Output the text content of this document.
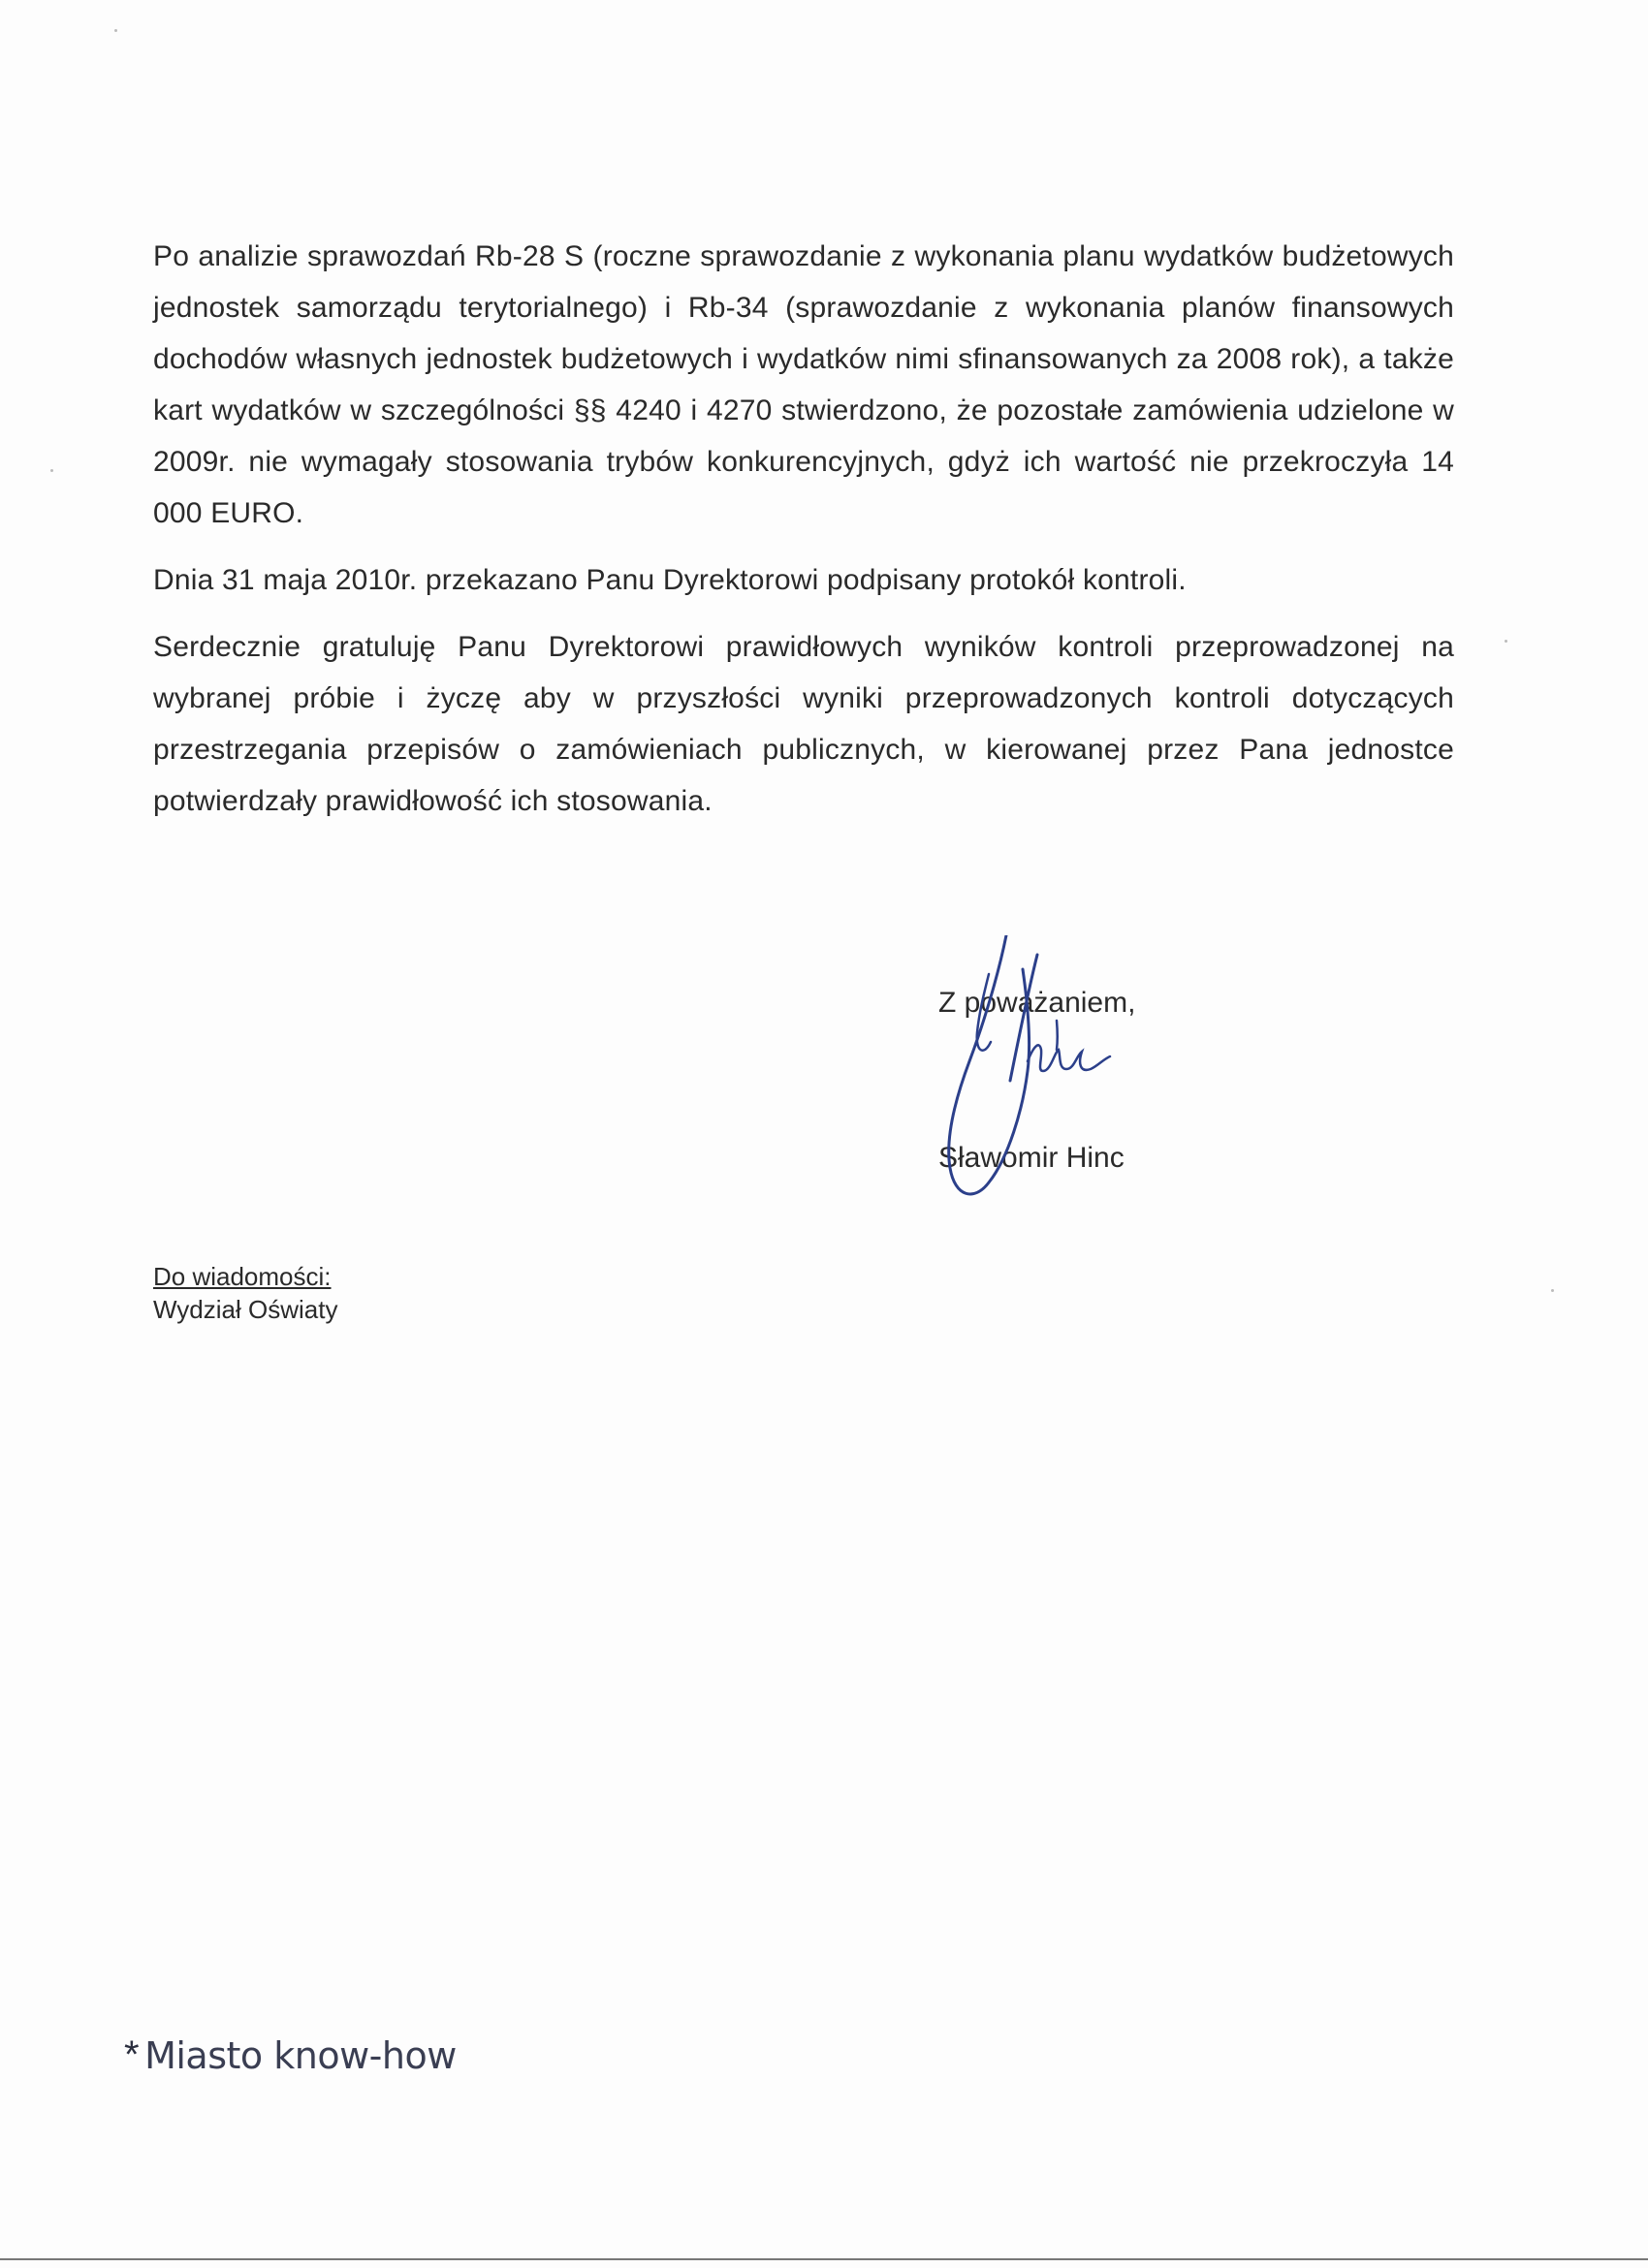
Po analizie sprawozdań Rb-28 S (roczne sprawozdanie z wykonania planu wydatków budżetowych jednostek samorządu terytorialnego) i Rb-34 (sprawozdanie z wykonania planów finansowych dochodów własnych jednostek budżetowych i wydatków nimi sfinansowanych za 2008 rok), a także kart wydatków w szczególności §§ 4240 i 4270 stwierdzono, że pozostałe zamówienia udzielone w 2009r. nie wymagały stosowania trybów konkurencyjnych, gdyż ich wartość nie przekroczyła 14 000 EURO.

Dnia 31 maja 2010r. przekazano Panu Dyrektorowi podpisany protokół kontroli.

Serdecznie gratuluję Panu Dyrektorowi prawidłowych wyników kontroli przeprowadzonej na wybranej próbie i życzę aby w przyszłości wyniki przeprowadzonych kontroli dotyczących przestrzegania przepisów o zamówieniach publicznych, w kierowanej przez Pana jednostce potwierdzały prawidłowość ich stosowania.

Z poważaniem,
Sławomir Hinc
Do wiadomości:
Wydział Oświaty
* Miasto know-how
